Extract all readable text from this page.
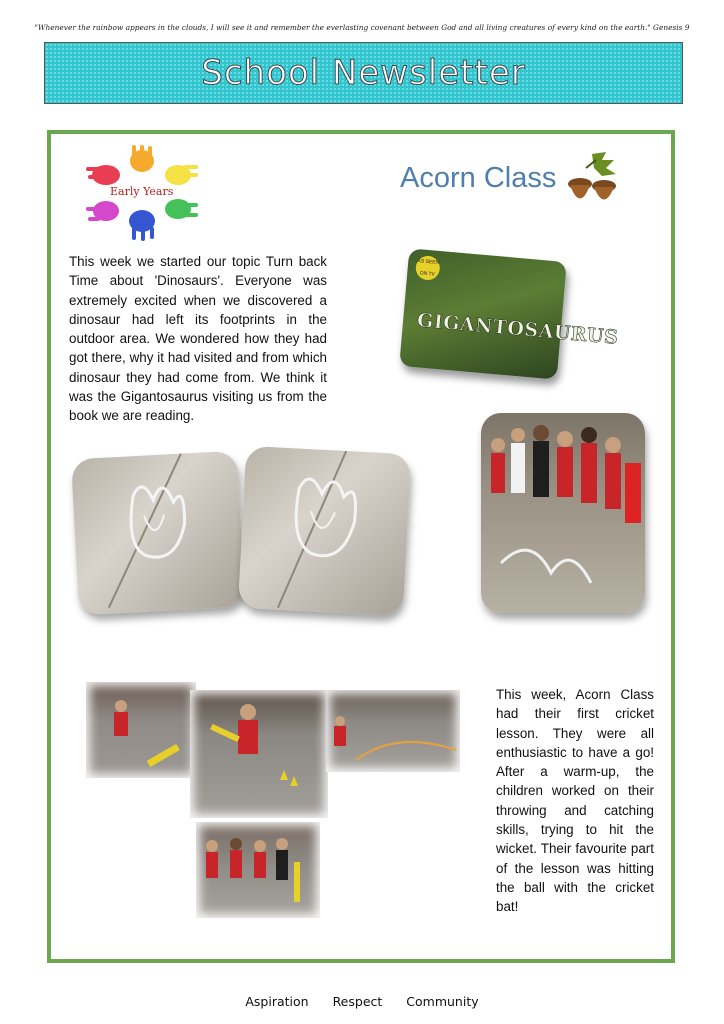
"Whenever the rainbow appears in the clouds, I will see it and remember the everlasting covenant between God and all living creatures of every kind on the earth." Genesis 9
School Newsletter
Early Years	Acorn Class
This week we started our topic Turn back Time about 'Dinosaurs'. Everyone was extremely excited when we discovered a dinosaur had left its footprints in the outdoor area. We wondered how they had got there, why it had visited and from which dinosaur they had come from. We think it was the Gigantosaurus visiting us from the book we are reading.
AS SEEN ON TV
GIGANTOSAURUS
This week, Acorn Class had their first cricket lesson. They were all enthusiastic to have a go! After a warm-up, the children worked on their throwing and catching skills, trying to hit the wicket. Their favourite part of the lesson was hitting the ball with the cricket bat!
Aspiration Respect Community
